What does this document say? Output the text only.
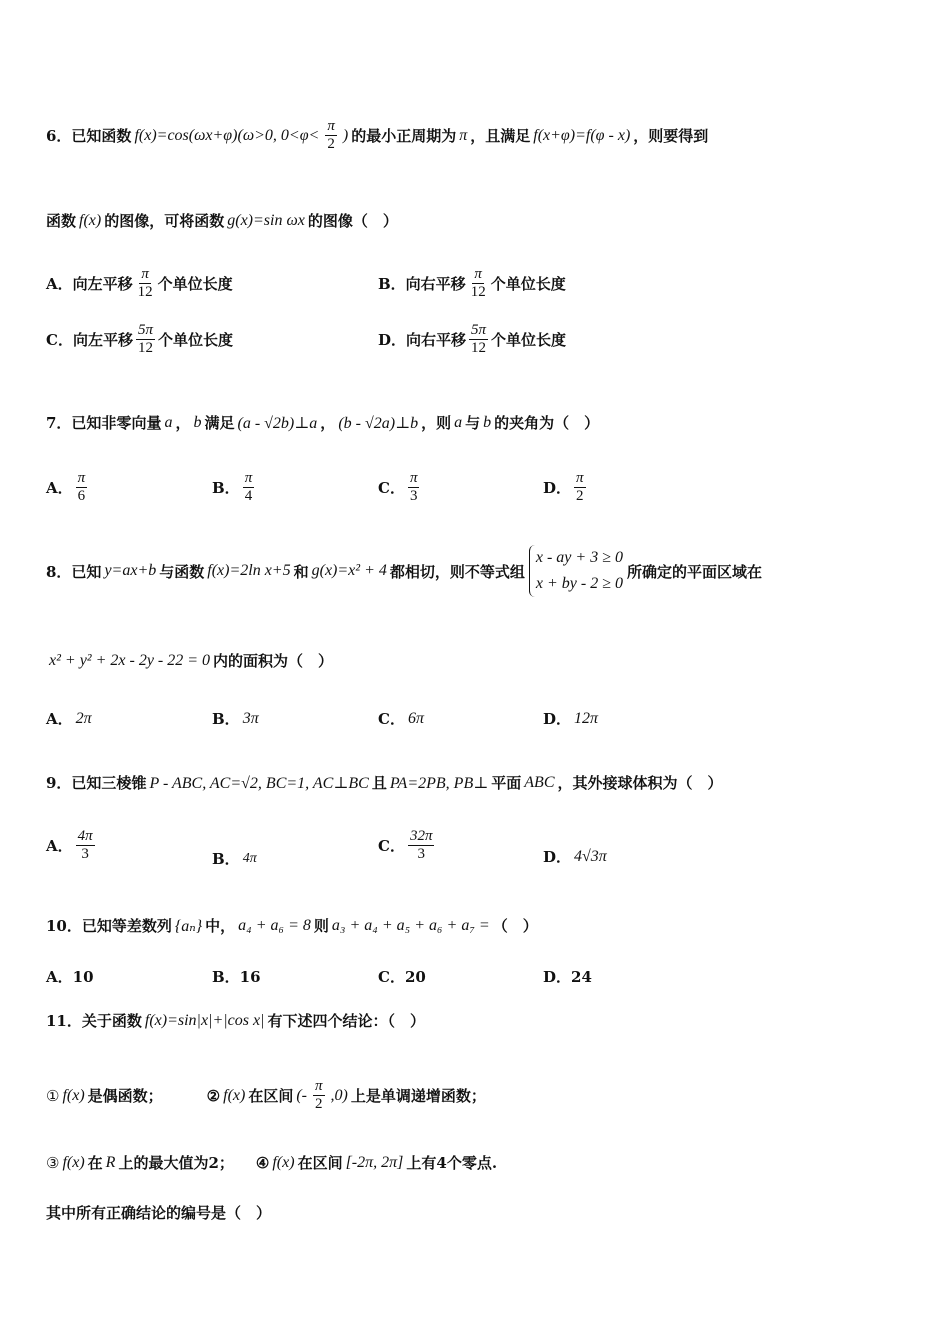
6．已知函数 f(x)=cos(ωx+φ)(ω>0, $0<\varphi< \frac{\pi}{2}$ ) 的最小正周期为 π ，且满足 f(x+φ)=f(φ - x) ，则要得到
函数 f(x) 的图像，可将函数 g(x)=sin ωx 的图像（　）
A．向左平移 $\frac{\pi}{12}$ 个单位长度	B．向右平移 $\frac{\pi}{12}$ 个单位长度
C．向左平移 $\frac{5\pi}{12}$ 个单位长度	D．向右平移 $\frac{5\pi}{12}$ 个单位长度
7．已知非零向量 a ， b 满足 (a - √2b)⊥a ， (b - √2a)⊥b ，则 a 与 b 的夹角为（　）
A． $\frac{\pi}{6}$	B． $\frac{\pi}{4}$	C． $\frac{\pi}{3}$	D． $\frac{\pi}{2}$
8．已知 y=ax+b 与函数 f(x)=2ln x+5 和 g(x)=x² + 4 都相切，则不等式组
x - ay + 3 ≥ 0
x + by - 2 ≥ 0
所确定的平面区域在
x² + y² + 2x - 2y - 22 = 0 内的面积为（　）
A． 2π	B． 3π	C． 6π	D． 12π
9．已知三棱锥 P - ABC, AC=√2, BC=1, AC⊥BC 且 PA=2PB, PB⊥ 平面 ABC ，其外接球体积为（　）
A． $\frac{4\pi}{3}$	B． 4π
C． $\frac{32\pi}{3}$	D． 4√3π
10．已知等差数列 {aₙ} 中， a₄ + a₆ = 8 则 a₃ + a₄ + a₅ + a₆ + a₇ = （　）
A．10	B．16	C．20	D．24
11．关于函数 f(x)=sin|x|+|cos x| 有下述四个结论：（　）
① f(x) 是偶函数；	② f(x) 在区间 (- $\frac{\pi}{2} ,0$) 上是单调递增函数；
③ f(x) 在 R 上的最大值为2； ④ f(x) 在区间 [-2π, 2π] 上有4个零点.
其中所有正确结论的编号是（　）
